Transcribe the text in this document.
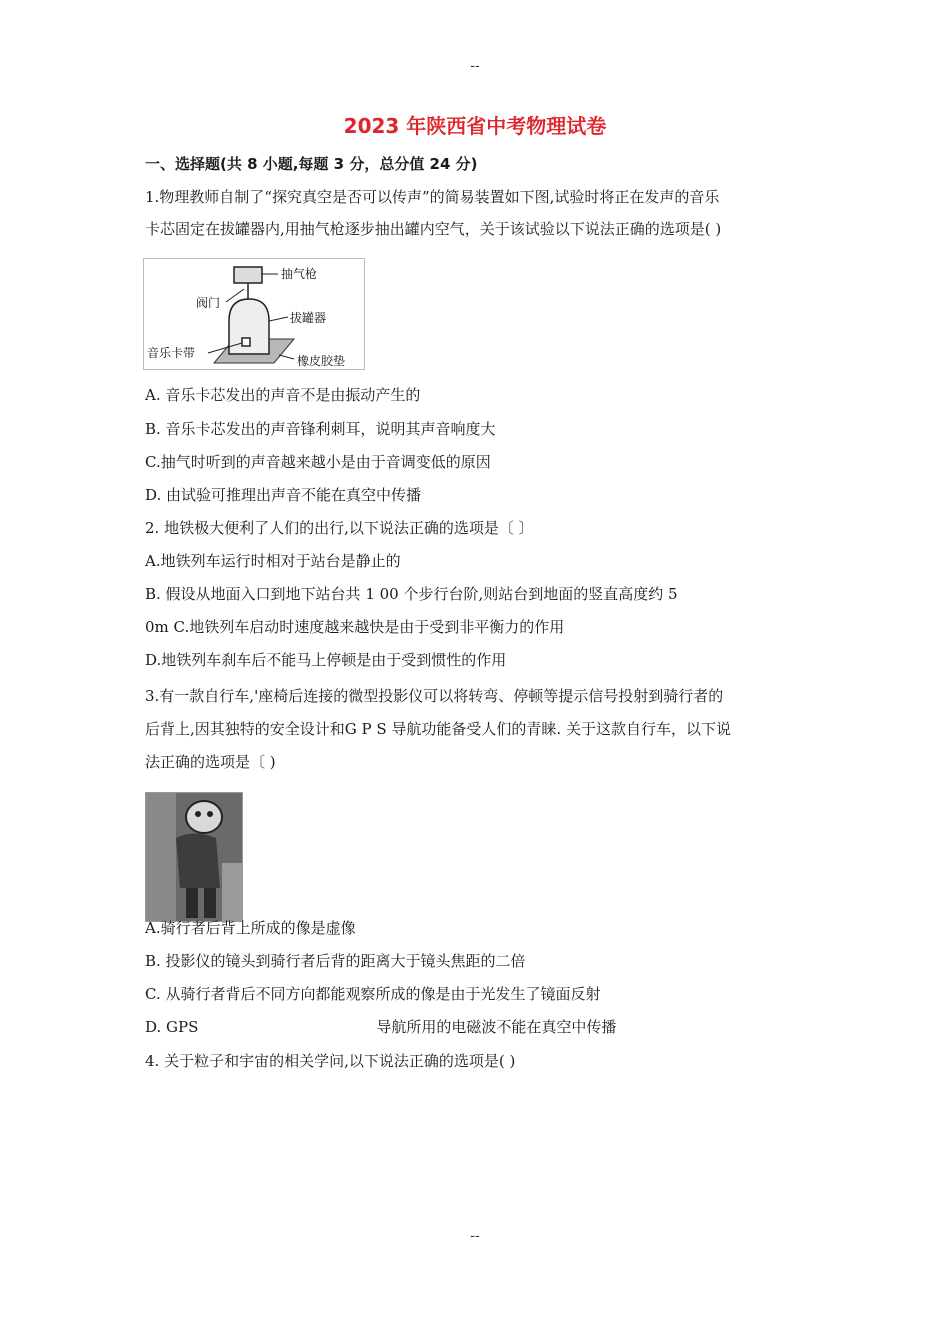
--
2023 年陕西省中考物理试卷
一、选择题(共 8 小题,每题 3 分，总分值 24 分)
1.物理教师自制了“探究真空是否可以传声”的简易装置如下图,试验时将正在发声的音乐
卡芯固定在拔罐器内,用抽气枪逐步抽出罐内空气，关于该试验以下说法正确的选项是( )
抽气枪
阀门
拔罐器
音乐卡带
橡皮胶垫
A. 音乐卡芯发出的声音不是由振动产生的
B. 音乐卡芯发出的声音锋利刺耳，说明其声音响度大
C.抽气时听到的声音越来越小是由于音调变低的原因
D. 由试验可推理出声音不能在真空中传播
2. 地铁极大便利了人们的出行,以下说法正确的选项是〔 〕
A.地铁列车运行时相对于站台是静止的
B. 假设从地面入口到地下站台共 1 00 个步行台阶,则站台到地面的竖直高度约 5
0m C.地铁列车启动时速度越来越快是由于受到非平衡力的作用
D.地铁列车刹车后不能马上停顿是由于受到惯性的作用
3.有一款自行车,'座椅后连接的微型投影仪可以将转弯、停顿等提示信号投射到骑行者的
后背上,因其独特的安全设计和G P S 导航功能备受人们的青睐. 关于这款自行车，以下说
法正确的选项是〔 )
A.骑行者后背上所成的像是虚像
B. 投影仪的镜头到骑行者后背的距离大于镜头焦距的二倍
C. 从骑行者背后不同方向都能观察所成的像是由于光发生了镜面反射
D. GPS	导航所用的电磁波不能在真空中传播
4. 关于粒子和宇宙的相关学问,以下说法正确的选项是( )
--
